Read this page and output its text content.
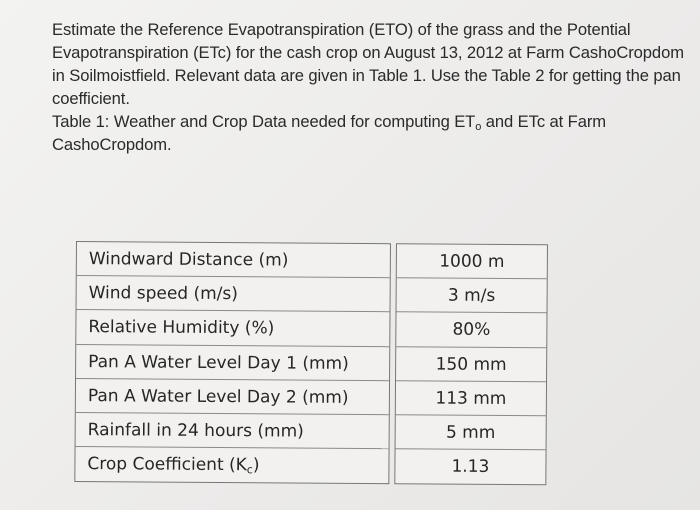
Estimate the Reference Evapotranspiration (ETO) of the grass and the Potential Evapotranspiration (ETc) for the cash crop on August 13, 2012 at Farm CashoCropdom in Soilmoistfield. Relevant data are given in Table 1. Use the Table 2 for getting the pan coefficient.

Table 1: Weather and Crop Data needed for computing $ET_o$ and ETc at Farm CashoCropdom.

Windward Distance (m)
Wind speed (m/s)
Relative Humidity (%)
Pan A Water Level Day 1 (mm)
Pan A Water Level Day 2 (mm)
Rainfall in 24 hours (mm)
Crop Coefficient $(K_c)$
1000 m
3 m/s
80%
150 mm
113 mm
5 mm
1.13
